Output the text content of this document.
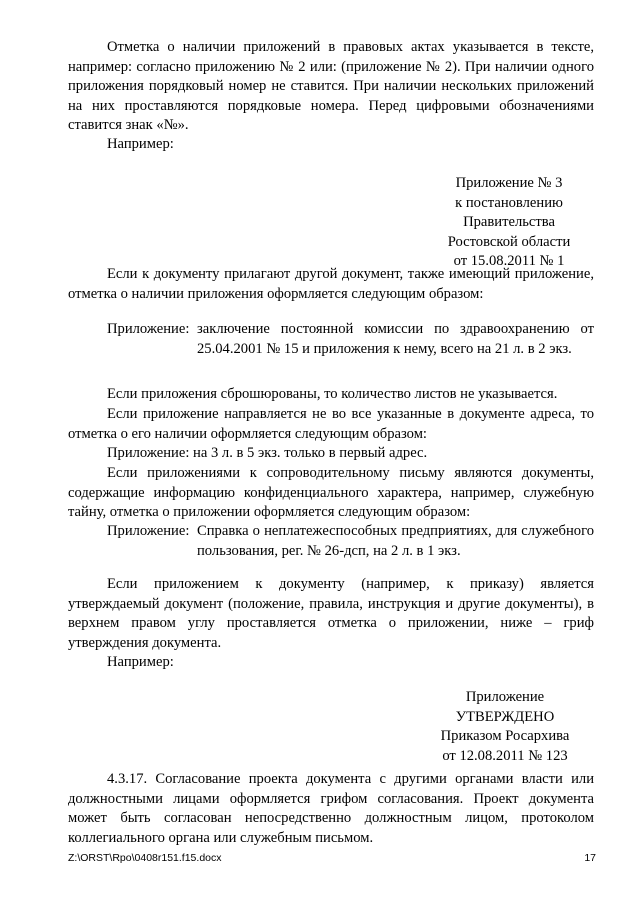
Отметка о наличии приложений в правовых актах указывается в тексте, например: согласно приложению № 2 или: (приложение № 2). При наличии одного приложения порядковый номер не ставится. При наличии нескольких приложений на них проставляются порядковые номера. Перед цифровыми обозначениями ставится знак «№».

Например:

Приложение № 3
к постановлению
Правительства
Ростовской области
от 15.08.2011 № 1

Если к документу прилагают другой документ, также имеющий приложение, отметка о наличии приложения оформляется следующим образом:

Приложение: заключение постоянной комиссии по здравоохранению от 25.04.2001 № 15 и приложения к нему, всего на 21 л. в 2 экз.

Если приложения сброшюрованы, то количество листов не указывается.

Если приложение направляется не во все указанные в документе адреса, то отметка о его наличии оформляется следующим образом:

Приложение: на 3 л. в 5 экз. только в первый адрес.

Если приложениями к сопроводительному письму являются документы, содержащие информацию конфиденциального характера, например, служебную тайну, отметка о приложении оформляется следующим образом:

Приложение: Справка о неплатежеспособных предприятиях, для служебного пользования, рег. № 26-дсп, на 2 л. в 1 экз.

Если приложением к документу (например, к приказу) является утверждаемый документ (положение, правила, инструкция и другие документы), в верхнем правом углу проставляется отметка о приложении, ниже – гриф утверждения документа.

Например:

Приложение
УТВЕРЖДЕНО
Приказом Росархива
от 12.08.2011 № 123

4.3.17. Согласование проекта документа с другими органами власти или должностными лицами оформляется грифом согласования. Проект документа может быть согласован непосредственно должностным лицом, протоколом коллегиального органа или служебным письмом.

Z:\ORST\Rpo\0408r151.f15.docx	17
